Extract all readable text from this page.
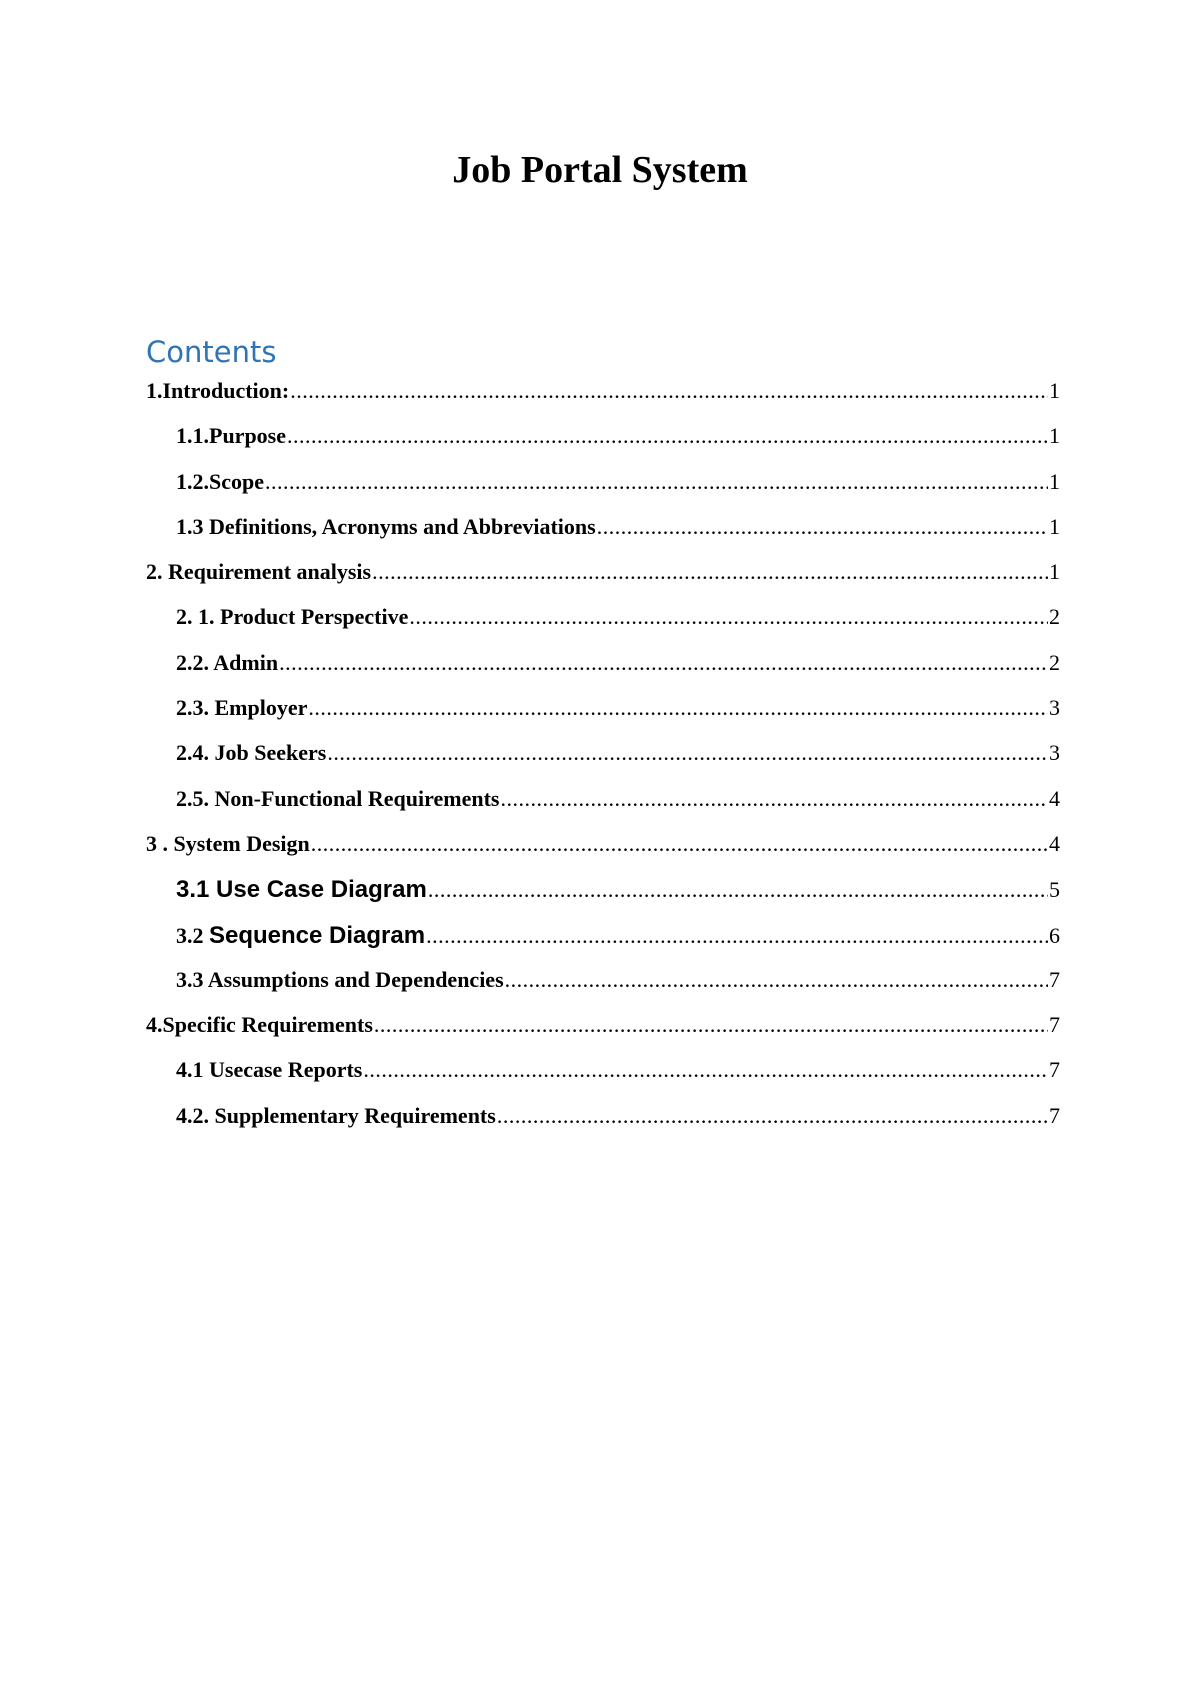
Job Portal System
Contents
1.Introduction: .....	1
1.1.Purpose .....	1
1.2.Scope .....	1
1.3 Definitions, Acronyms and Abbreviations .....	1
2. Requirement analysis .....	1
2. 1. Product Perspective .....	2
2.2. Admin .....	2
2.3. Employer .....	3
2.4. Job Seekers .....	3
2.5. Non-Functional Requirements .....	4
3 . System Design .....	4
3.1 Use Case Diagram .....	5
3.2 Sequence Diagram .....	6
3.3 Assumptions and Dependencies .....	7
4.Specific Requirements .....	7
4.1 Usecase Reports .....	7
4.2. Supplementary Requirements .....	7
